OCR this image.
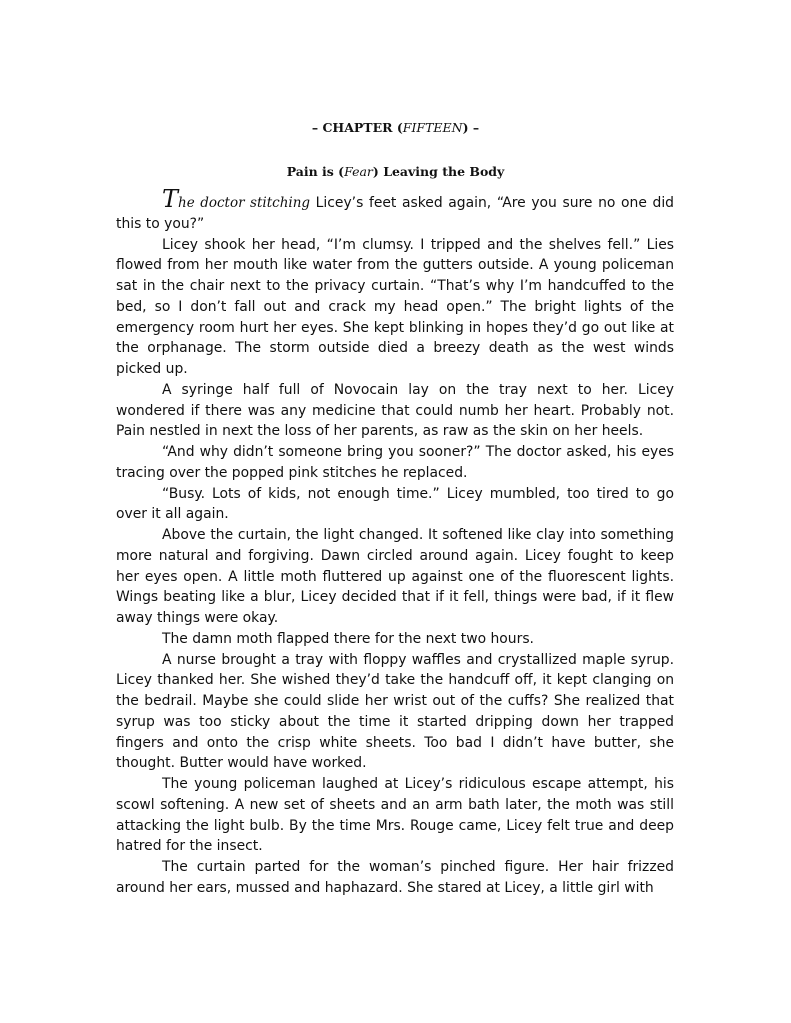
– CHAPTER (FIFTEEN) –
Pain is (Fear) Leaving the Body

The doctor stitching Licey’s feet asked again, “Are you sure no one did this to you?”

Licey shook her head, “I’m clumsy. I tripped and the shelves fell.” Lies flowed from her mouth like water from the gutters outside. A young policeman sat in the chair next to the privacy curtain. “That’s why I’m handcuffed to the bed, so I don’t fall out and crack my head open.” The bright lights of the emergency room hurt her eyes. She kept blinking in hopes they’d go out like at the orphanage. The storm outside died a breezy death as the west winds picked up.

A syringe half full of Novocain lay on the tray next to her. Licey wondered if there was any medicine that could numb her heart. Probably not. Pain nestled in next the loss of her parents, as raw as the skin on her heels.

“And why didn’t someone bring you sooner?” The doctor asked, his eyes tracing over the popped pink stitches he replaced.

“Busy. Lots of kids, not enough time.” Licey mumbled, too tired to go over it all again.

Above the curtain, the light changed. It softened like clay into something more natural and forgiving. Dawn circled around again. Licey fought to keep her eyes open. A little moth fluttered up against one of the fluorescent lights. Wings beating like a blur, Licey decided that if it fell, things were bad, if it flew away things were okay.

The damn moth flapped there for the next two hours.

A nurse brought a tray with floppy waffles and crystallized maple syrup. Licey thanked her. She wished they’d take the handcuff off, it kept clanging on the bedrail. Maybe she could slide her wrist out of the cuffs? She realized that syrup was too sticky about the time it started dripping down her trapped fingers and onto the crisp white sheets. Too bad I didn’t have butter, she thought. Butter would have worked.

The young policeman laughed at Licey’s ridiculous escape attempt, his scowl softening. A new set of sheets and an arm bath later, the moth was still attacking the light bulb. By the time Mrs. Rouge came, Licey felt true and deep hatred for the insect.

The curtain parted for the woman’s pinched figure. Her hair frizzed around her ears, mussed and haphazard. She stared at Licey, a little girl with
